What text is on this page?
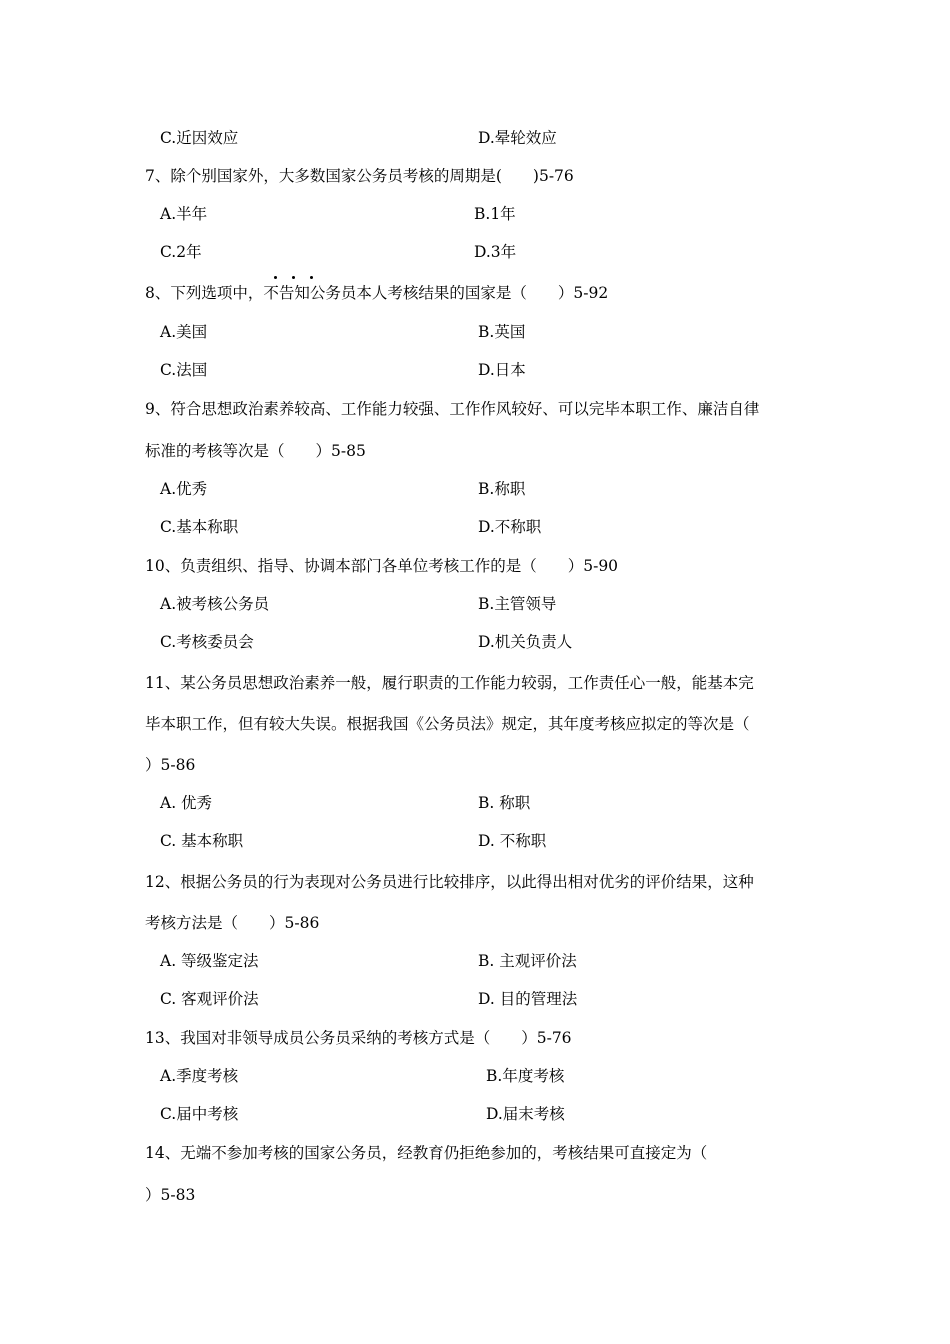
C.近因效应	D.晕轮效应
7、除个别国家外，大多数国家公务员考核的周期是(　　)5-76
A.半年	B.1年
C.2年	D.3年
8、下列选项中，不告知公务员本人考核结果的国家是（　　）5-92
A.美国	B.英国
C.法国	D.日本
9、符合思想政治素养较高、工作能力较强、工作作风较好、可以完毕本职工作、廉洁自律
标准的考核等次是（　　）5-85
A.优秀	B.称职
C.基本称职	D.不称职
10、负责组织、指导、协调本部门各单位考核工作的是（　　）5-90
A.被考核公务员	B.主管领导
C.考核委员会	D.机关负责人
11、某公务员思想政治素养一般，履行职责的工作能力较弱，工作责任心一般，能基本完
毕本职工作，但有较大失误。根据我国《公务员法》规定，其年度考核应拟定的等次是（
）5-86
A. 优秀	B. 称职
C. 基本称职	D. 不称职
12、根据公务员的行为表现对公务员进行比较排序，以此得出相对优劣的评价结果，这种
考核方法是（　　）5-86
A. 等级鉴定法	B. 主观评价法
C. 客观评价法	D. 目的管理法
13、我国对非领导成员公务员采纳的考核方式是（　　）5-76
A.季度考核	B.年度考核
C.届中考核	D.届末考核
14、无端不参加考核的国家公务员，经教育仍拒绝参加的，考核结果可直接定为（
）5-83
